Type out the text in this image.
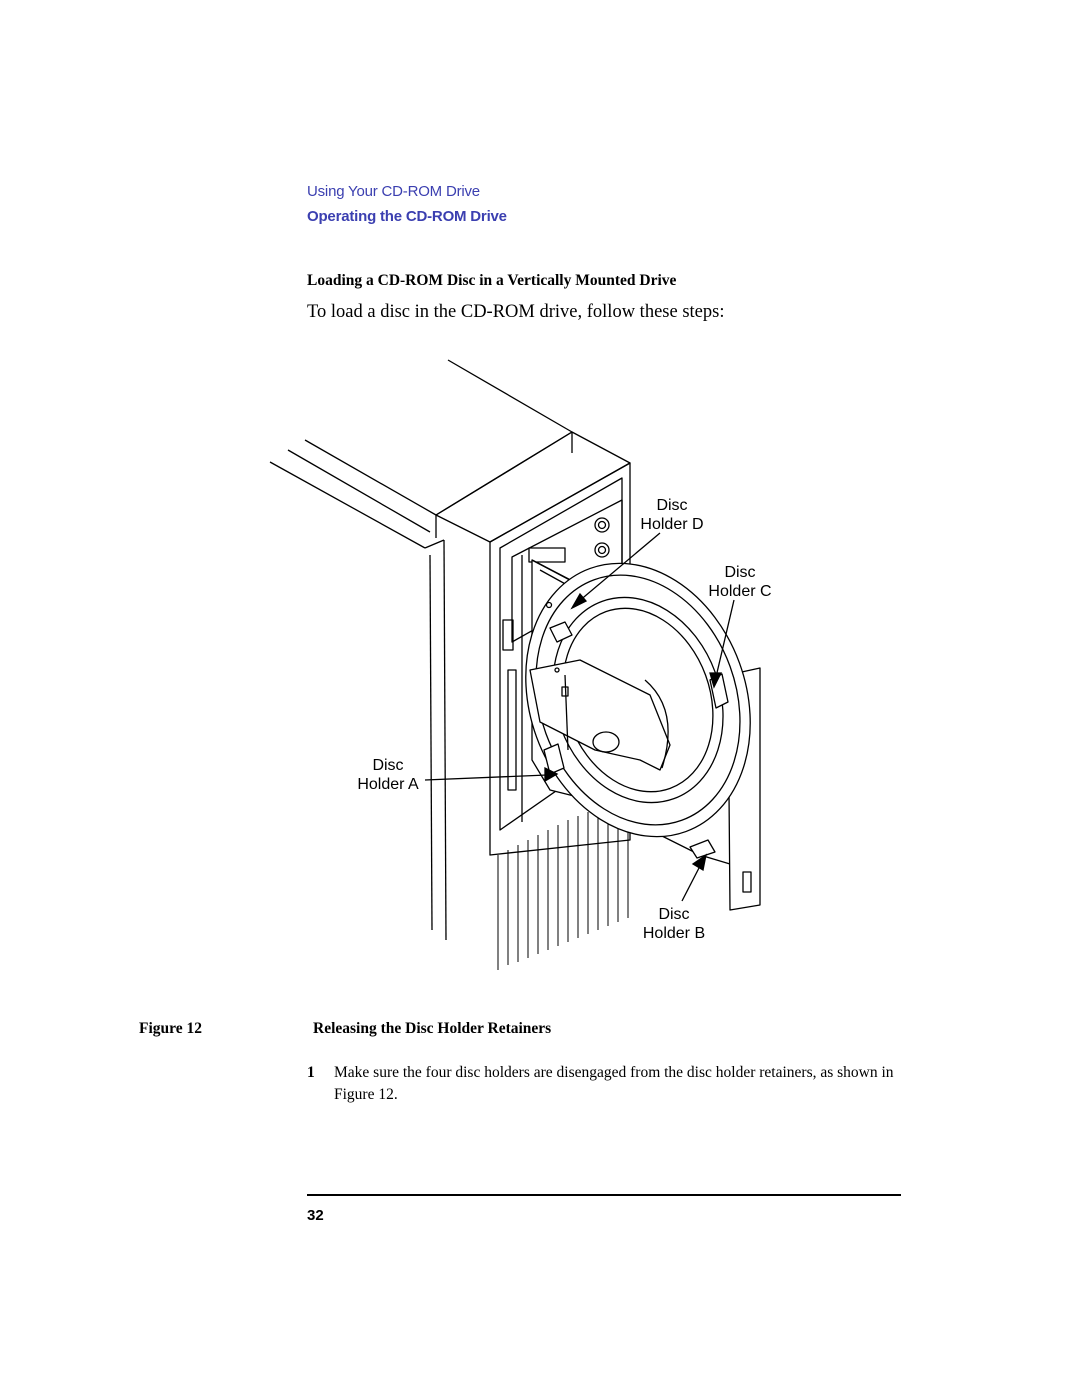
Using Your CD-ROM Drive
Operating the CD-ROM Drive
Loading a CD-ROM Disc in a Vertically Mounted Drive
To load a disc in the CD-ROM drive, follow these steps:
Disc
Holder D
Disc
Holder C
Disc
Holder A
Disc
Holder B
Figure 12	Releasing the Disc Holder Retainers
1 Make sure the four disc holders are disengaged from the disc holder retainers, as shown in Figure 12.
32
